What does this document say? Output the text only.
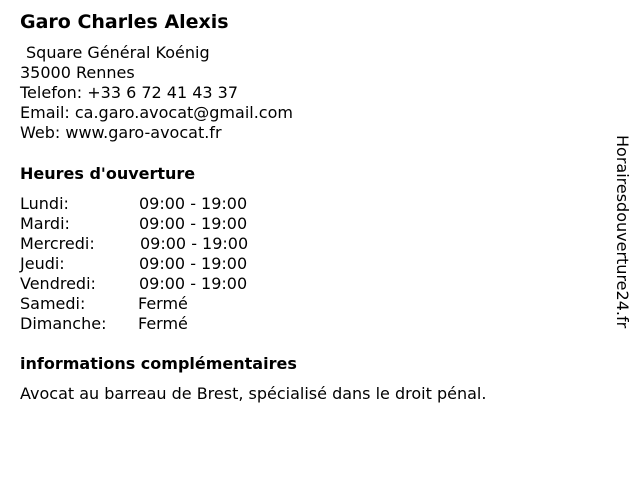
Garo Charles Alexis
Square Général Koénig
35000 Rennes
Telefon: +33 6 72 41 43 37
Email: ca.garo.avocat@gmail.com
Web: www.garo-avocat.fr
Heures d'ouverture
Lundi:	09:00 - 19:00
Mardi:	09:00 - 19:00
Mercredi:	09:00 - 19:00
Jeudi:	09:00 - 19:00
Vendredi:	09:00 - 19:00
Samedi:	Fermé
Dimanche: Fermé
informations complémentaires
Avocat au barreau de Brest, spécialisé dans le droit pénal.
Horairesdouverture24.fr
